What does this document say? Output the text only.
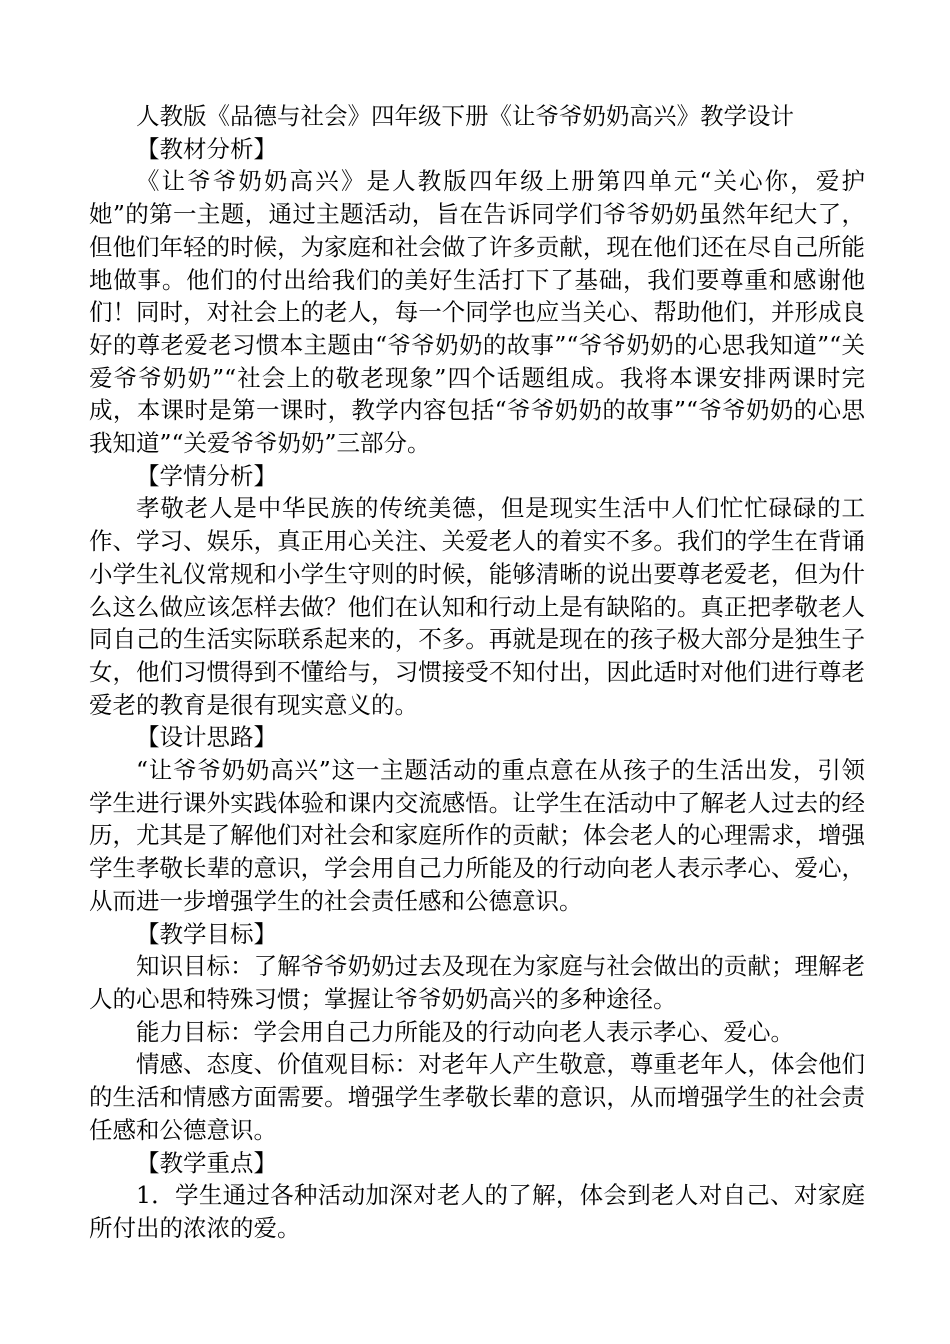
人教版《品德与社会》四年级下册《让爷爷奶奶高兴》教学设计
【教材分析】

《让爷爷奶奶高兴》是人教版四年级上册第四单元“关心你，爱护她”的第一主题，通过主题活动，旨在告诉同学们爷爷奶奶虽然年纪大了，但他们年轻的时候，为家庭和社会做了许多贡献，现在他们还在尽自己所能地做事。他们的付出给我们的美好生活打下了基础，我们要尊重和感谢他们！同时，对社会上的老人，每一个同学也应当关心、帮助他们，并形成良好的尊老爱老习惯本主题由“爷爷奶奶的故事”“爷爷奶奶的心思我知道”“关爱爷爷奶奶”“社会上的敬老现象”四个话题组成。我将本课安排两课时完成，本课时是第一课时，教学内容包括“爷爷奶奶的故事”“爷爷奶奶的心思我知道”“关爱爷爷奶奶”三部分。

【学情分析】

孝敬老人是中华民族的传统美德，但是现实生活中人们忙忙碌碌的工作、学习、娱乐，真正用心关注、关爱老人的着实不多。我们的学生在背诵小学生礼仪常规和小学生守则的时候，能够清晰的说出要尊老爱老，但为什么这么做应该怎样去做？他们在认知和行动上是有缺陷的。真正把孝敬老人同自己的生活实际联系起来的，不多。再就是现在的孩子极大部分是独生子女，他们习惯得到不懂给与，习惯接受不知付出，因此适时对他们进行尊老爱老的教育是很有现实意义的。

【设计思路】

“让爷爷奶奶高兴”这一主题活动的重点意在从孩子的生活出发，引领学生进行课外实践体验和课内交流感悟。让学生在活动中了解老人过去的经历，尤其是了解他们对社会和家庭所作的贡献；体会老人的心理需求，增强学生孝敬长辈的意识，学会用自己力所能及的行动向老人表示孝心、爱心，从而进一步增强学生的社会责任感和公德意识。

【教学目标】

知识目标：了解爷爷奶奶过去及现在为家庭与社会做出的贡献；理解老人的心思和特殊习惯；掌握让爷爷奶奶高兴的多种途径。

能力目标：学会用自己力所能及的行动向老人表示孝心、爱心。

情感、态度、价值观目标：对老年人产生敬意，尊重老年人，体会他们的生活和情感方面需要。增强学生孝敬长辈的意识，从而增强学生的社会责任感和公德意识。

【教学重点】

1．学生通过各种活动加深对老人的了解，体会到老人对自己、对家庭所付出的浓浓的爱。
